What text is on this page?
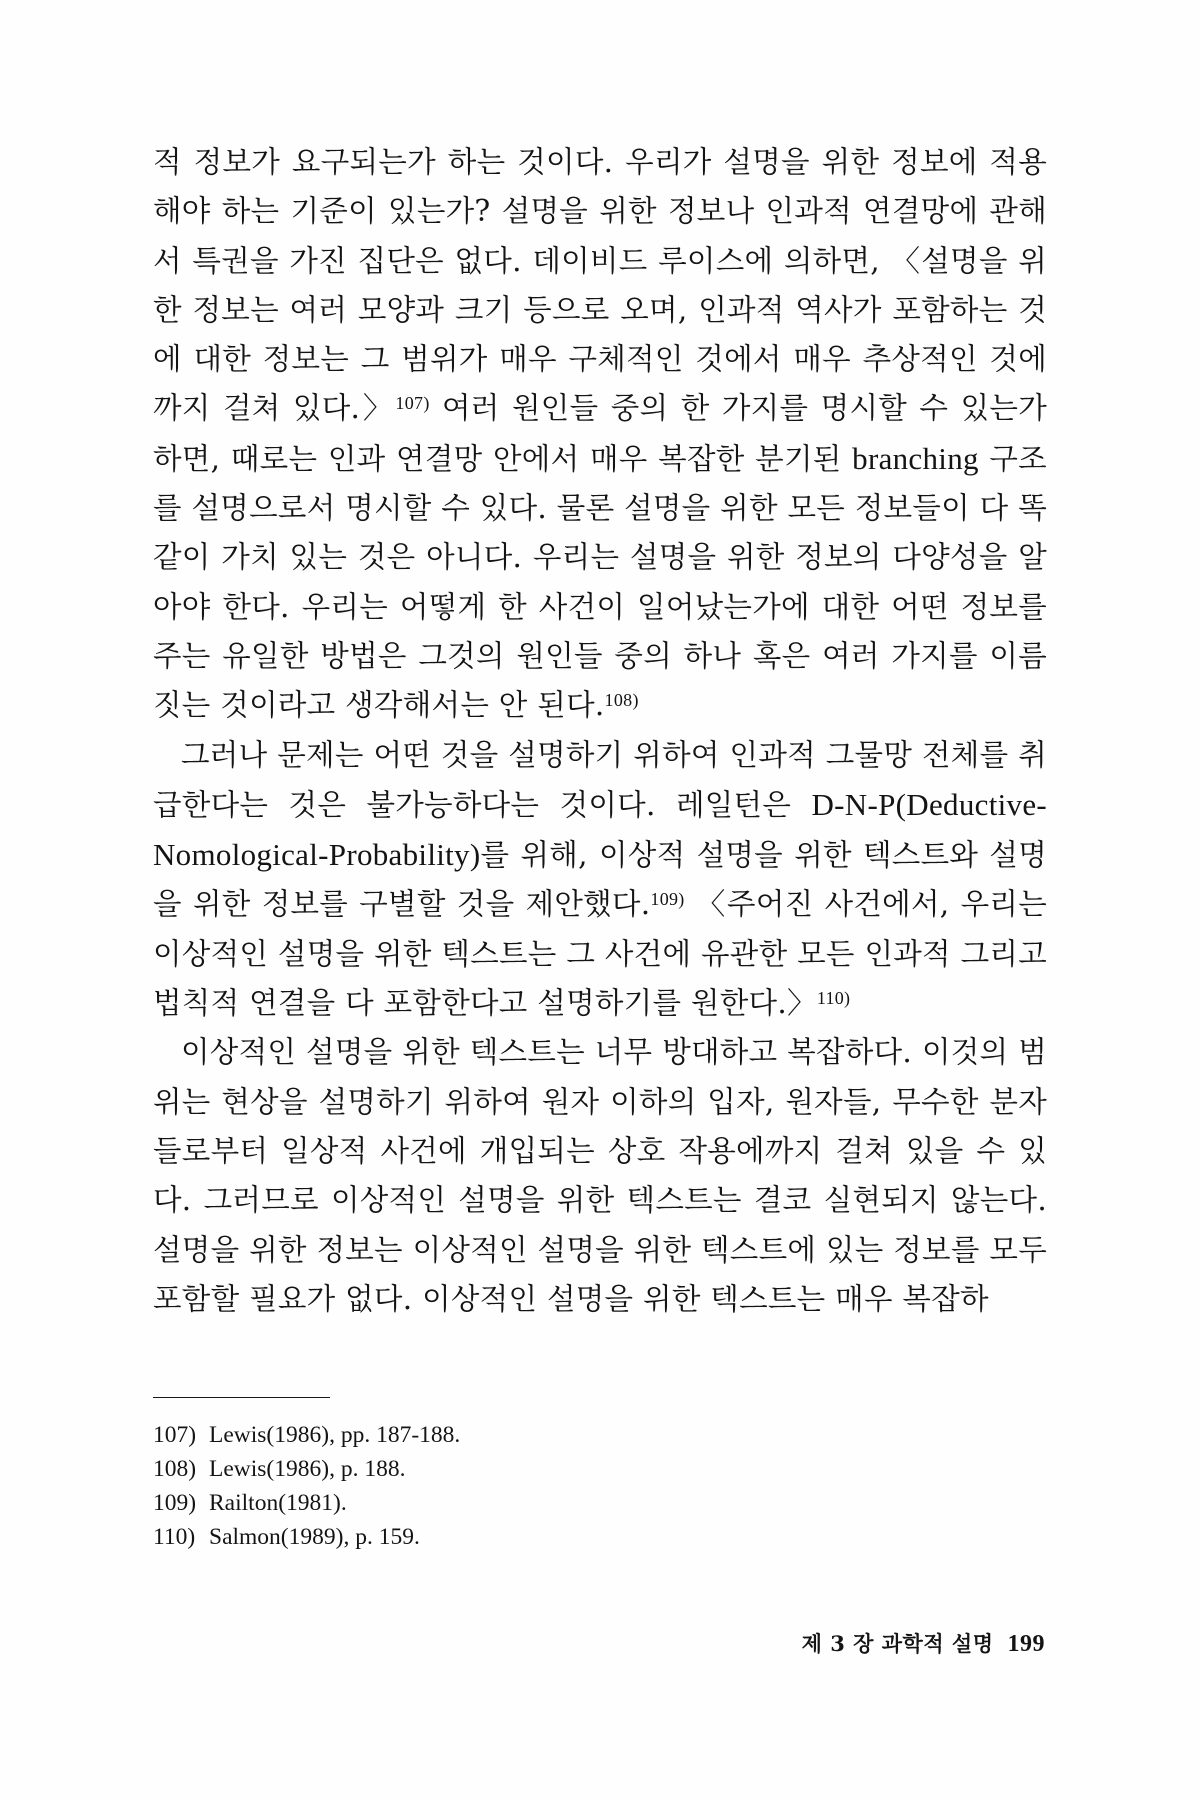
적 정보가 요구되는가 하는 것이다. 우리가 설명을 위한 정보에 적용해야 하는 기준이 있는가? 설명을 위한 정보나 인과적 연결망에 관해서 특권을 가진 집단은 없다. 데이비드 루이스에 의하면, 〈설명을 위한 정보는 여러 모양과 크기 등으로 오며, 인과적 역사가 포함하는 것에 대한 정보는 그 범위가 매우 구체적인 것에서 매우 추상적인 것에까지 걸쳐 있다.〉$^{107)}$ 여러 원인들 중의 한 가지를 명시할 수 있는가 하면, 때로는 인과 연결망 안에서 매우 복잡한 분기된 branching 구조를 설명으로서 명시할 수 있다. 물론 설명을 위한 모든 정보들이 다 똑같이 가치 있는 것은 아니다. 우리는 설명을 위한 정보의 다양성을 알아야 한다. 우리는 어떻게 한 사건이 일어났는가에 대한 어떤 정보를 주는 유일한 방법은 그것의 원인들 중의 하나 혹은 여러 가지를 이름짓는 것이라고 생각해서는 안 된다.$^{108)}$

그러나 문제는 어떤 것을 설명하기 위하여 인과적 그물망 전체를 취급한다는 것은 불가능하다는 것이다. 레일턴은 D-N-P(Deductive-Nomological-Probability)를 위해, 이상적 설명을 위한 텍스트와 설명을 위한 정보를 구별할 것을 제안했다.$^{109)}$ 〈주어진 사건에서, 우리는 이상적인 설명을 위한 텍스트는 그 사건에 유관한 모든 인과적 그리고 법칙적 연결을 다 포함한다고 설명하기를 원한다.〉$^{110)}$

이상적인 설명을 위한 텍스트는 너무 방대하고 복잡하다. 이것의 범위는 현상을 설명하기 위하여 원자 이하의 입자, 원자들, 무수한 분자들로부터 일상적 사건에 개입되는 상호 작용에까지 걸쳐 있을 수 있다. 그러므로 이상적인 설명을 위한 텍스트는 결코 실현되지 않는다. 설명을 위한 정보는 이상적인 설명을 위한 텍스트에 있는 정보를 모두 포함할 필요가 없다. 이상적인 설명을 위한 텍스트는 매우 복잡하

107) Lewis(1986), pp. 187-188.
108) Lewis(1986), p. 188.
109) Railton(1981).
110) Salmon(1989), p. 159.
제 3 장 과학적 설명 199
